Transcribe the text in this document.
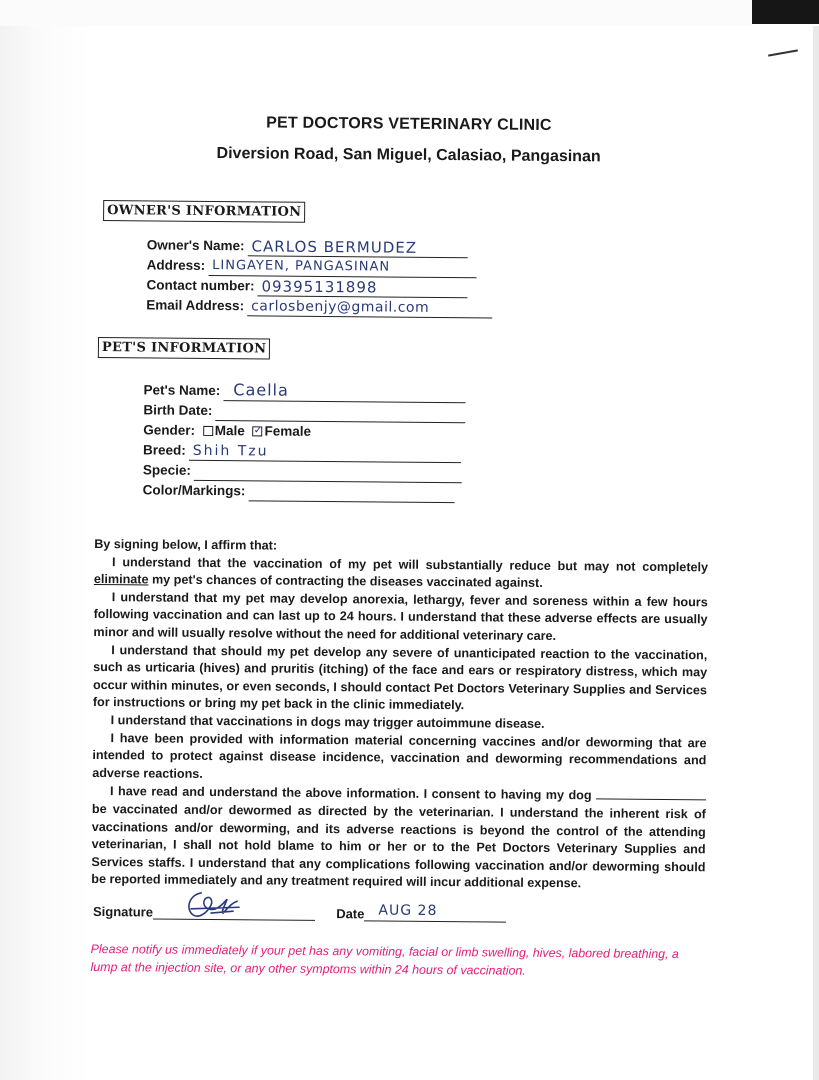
PET DOCTORS VETERINARY CLINIC
Diversion Road, San Miguel, Calasiao, Pangasinan
OWNER'S INFORMATION
Owner's Name: CARLOS BERMUDEZ
Address: LINGAYEN, PANGASINAN
Contact number: 09395131898
Email Address: carlosbenjy@gmail.com
PET'S INFORMATION
Pet's Name: Caella
Birth Date:
Gender: Male ✓ Female
Breed: Shih Tzu
Specie:
Color/Markings:

By signing below, I affirm that:

I understand that the vaccination of my pet will substantially reduce but may not completely eliminate my pet's chances of contracting the diseases vaccinated against.

I understand that my pet may develop anorexia, lethargy, fever and soreness within a few hours following vaccination and can last up to 24 hours. I understand that these adverse effects are usually minor and will usually resolve without the need for additional veterinary care.

I understand that should my pet develop any severe of unanticipated reaction to the vaccination, such as urticaria (hives) and pruritis (itching) of the face and ears or respiratory distress, which may occur within minutes, or even seconds, I should contact Pet Doctors Veterinary Supplies and Services for instructions or bring my pet back in the clinic immediately.

I understand that vaccinations in dogs may trigger autoimmune disease.

I have been provided with information material concerning vaccines and/or deworming that are intended to protect against disease incidence, vaccination and deworming recommendations and adverse reactions.

I have read and understand the above information. I consent to having my dog  be vaccinated and/or dewormed as directed by the veterinarian. I understand the inherent risk of vaccinations and/or deworming, and its adverse reactions is beyond the control of the attending veterinarian, I shall not hold blame to him or her or to the Pet Doctors Veterinary Supplies and Services staffs. I understand that any complications following vaccination and/or deworming should be reported immediately and any treatment required will incur additional expense.

Signature	Date AUG 28
Please notify us immediately if your pet has any vomiting, facial or limb swelling, hives, labored breathing, a lump at the injection site, or any other symptoms within 24 hours of vaccination.
